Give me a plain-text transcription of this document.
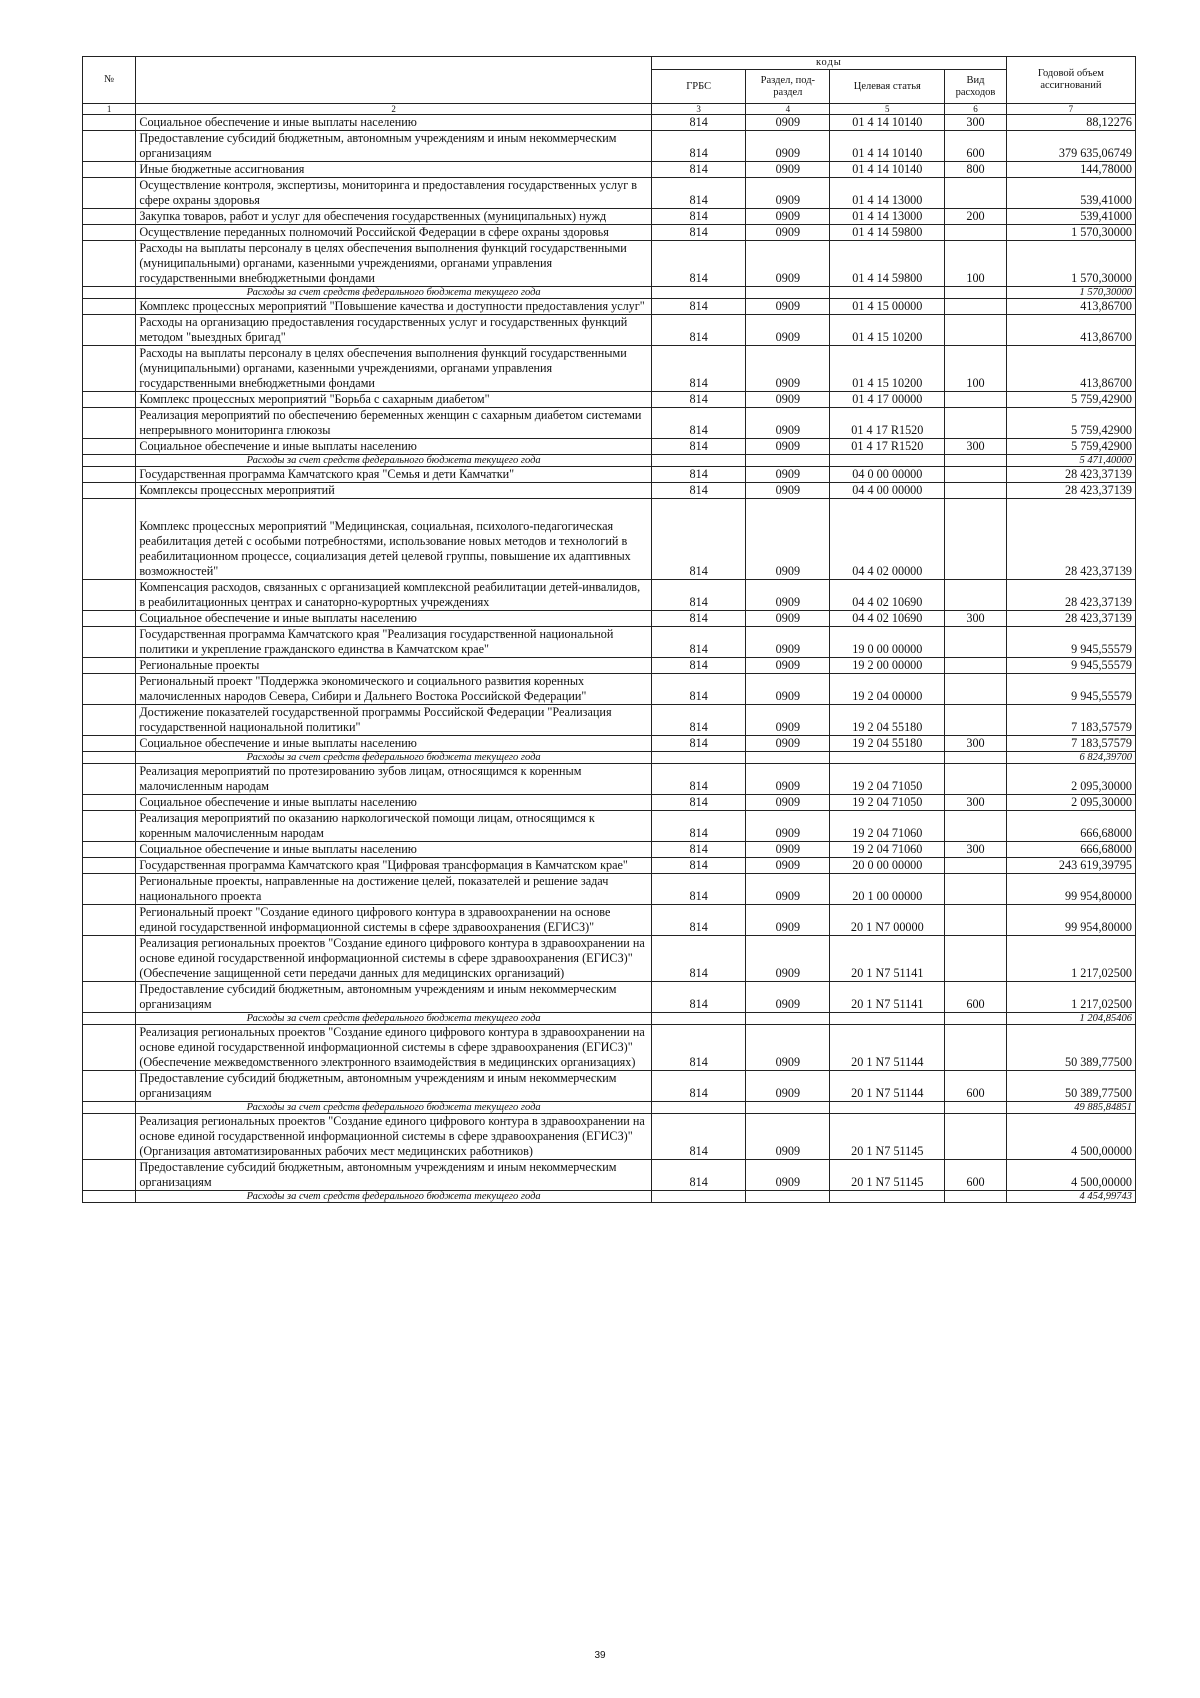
№		коды				Годовой объем ассигнований
		ГРБС	Раздел, под-раздел	Целевая статья	Вид расходов	
1	2	3	4	5	6	7
	Социальное обеспечение и иные выплаты населению	814	0909	01 4 14 10140	300	88,12276
	Предоставление субсидий бюджетным, автономным учреждениям и иным некоммерческим организациям	814	0909	01 4 14 10140	600	379 635,06749
	Иные бюджетные ассигнования	814	0909	01 4 14 10140	800	144,78000
	Осуществление контроля, экспертизы, мониторинга и предоставления государственных услуг в сфере охраны здоровья	814	0909	01 4 14 13000		539,41000
	Закупка товаров, работ и услуг для обеспечения государственных (муниципальных) нужд	814	0909	01 4 14 13000	200	539,41000
	Осуществление переданных полномочий Российской Федерации в сфере охраны здоровья	814	0909	01 4 14 59800		1 570,30000
	Расходы на выплаты персоналу в целях обеспечения выполнения функций государственными (муниципальными) органами, казенными учреждениями, органами управления государственными внебюджетными фондами	814	0909	01 4 14 59800	100	1 570,30000
	Расходы за счет средств федерального бюджета текущего года					1 570,30000
	Комплекс процессных мероприятий "Повышение качества и доступности предоставления услуг"	814	0909	01 4 15 00000		413,86700
	Расходы на организацию предоставления государственных услуг и государственных функций методом "выездных бригад"	814	0909	01 4 15 10200		413,86700
	Расходы на выплаты персоналу в целях обеспечения выполнения функций государственными (муниципальными) органами, казенными учреждениями, органами управления государственными внебюджетными фондами	814	0909	01 4 15 10200	100	413,86700
	Комплекс процессных мероприятий "Борьба с сахарным диабетом"	814	0909	01 4 17 00000		5 759,42900
	Реализация мероприятий по обеспечению беременных женщин с сахарным диабетом системами непрерывного мониторинга глюкозы	814	0909	01 4 17 R1520		5 759,42900
	Социальное обеспечение и иные выплаты населению	814	0909	01 4 17 R1520	300	5 759,42900
	Расходы за счет средств федерального бюджета текущего года					5 471,40000
	Государственная программа Камчатского края "Семья и дети Камчатки"	814	0909	04 0 00 00000		28 423,37139
	Комплексы процессных мероприятий	814	0909	04 4 00 00000		28 423,37139
	Комплекс процессных мероприятий "Медицинская, социальная, психолого-педагогическая реабилитация детей с особыми потребностями, использование новых методов и технологий в реабилитационном процессе, социализация детей целевой группы, повышение их адаптивных возможностей"	814	0909	04 4 02 00000		28 423,37139
	Компенсация расходов, связанных с организацией комплексной реабилитации детей-инвалидов, в реабилитационных центрах и санаторно-курортных учреждениях	814	0909	04 4 02 10690		28 423,37139
	Социальное обеспечение и иные выплаты населению	814	0909	04 4 02 10690	300	28 423,37139
	Государственная программа Камчатского края "Реализация государственной национальной политики и укрепление гражданского единства в Камчатском крае"	814	0909	19 0 00 00000		9 945,55579
	Региональные проекты	814	0909	19 2 00 00000		9 945,55579
	Региональный проект "Поддержка экономического и социального развития коренных малочисленных народов Севера, Сибири и Дальнего Востока Российской Федерации"	814	0909	19 2 04 00000		9 945,55579
	Достижение показателей государственной программы Российской Федерации "Реализация государственной национальной политики"	814	0909	19 2 04 55180		7 183,57579
	Социальное обеспечение и иные выплаты населению	814	0909	19 2 04 55180	300	7 183,57579
	Расходы за счет средств федерального бюджета текущего года					6 824,39700
	Реализация мероприятий по протезированию зубов лицам, относящимся к коренным малочисленным народам	814	0909	19 2 04 71050		2 095,30000
	Социальное обеспечение и иные выплаты населению	814	0909	19 2 04 71050	300	2 095,30000
	Реализация мероприятий по оказанию наркологической помощи лицам, относящимся к коренным малочисленным народам	814	0909	19 2 04 71060		666,68000
	Социальное обеспечение и иные выплаты населению	814	0909	19 2 04 71060	300	666,68000
	Государственная программа Камчатского края "Цифровая трансформация в Камчатском крае"	814	0909	20 0 00 00000		243 619,39795
	Региональные проекты, направленные на достижение целей, показателей и решение задач национального проекта	814	0909	20 1 00 00000		99 954,80000
	Региональный проект "Создание единого цифрового контура в здравоохранении на основе единой государственной информационной системы в сфере здравоохранения (ЕГИСЗ)"	814	0909	20 1 N7 00000		99 954,80000
	Реализация региональных проектов "Создание единого цифрового контура в здравоохранении на основе единой государственной информационной системы в сфере здравоохранения (ЕГИСЗ)" (Обеспечение защищенной сети передачи данных для медицинских организаций)	814	0909	20 1 N7 51141		1 217,02500
	Предоставление субсидий бюджетным, автономным учреждениям и иным некоммерческим организациям	814	0909	20 1 N7 51141	600	1 217,02500
	Расходы за счет средств федерального бюджета текущего года					1 204,85406
	Реализация региональных проектов "Создание единого цифрового контура в здравоохранении на основе единой государственной информационной системы в сфере здравоохранения (ЕГИСЗ)" (Обеспечение межведомственного электронного взаимодействия в медицинских организациях)	814	0909	20 1 N7 51144		50 389,77500
	Предоставление субсидий бюджетным, автономным учреждениям и иным некоммерческим организациям	814	0909	20 1 N7 51144	600	50 389,77500
	Расходы за счет средств федерального бюджета текущего года					49 885,84851
	Реализация региональных проектов "Создание единого цифрового контура в здравоохранении на основе единой государственной информационной системы в сфере здравоохранения (ЕГИСЗ)" (Организация автоматизированных рабочих мест медицинских работников)	814	0909	20 1 N7 51145		4 500,00000
	Предоставление субсидий бюджетным, автономным учреждениям и иным некоммерческим организациям	814	0909	20 1 N7 51145	600	4 500,00000
	Расходы за счет средств федерального бюджета текущего года					4 454,99743
39
